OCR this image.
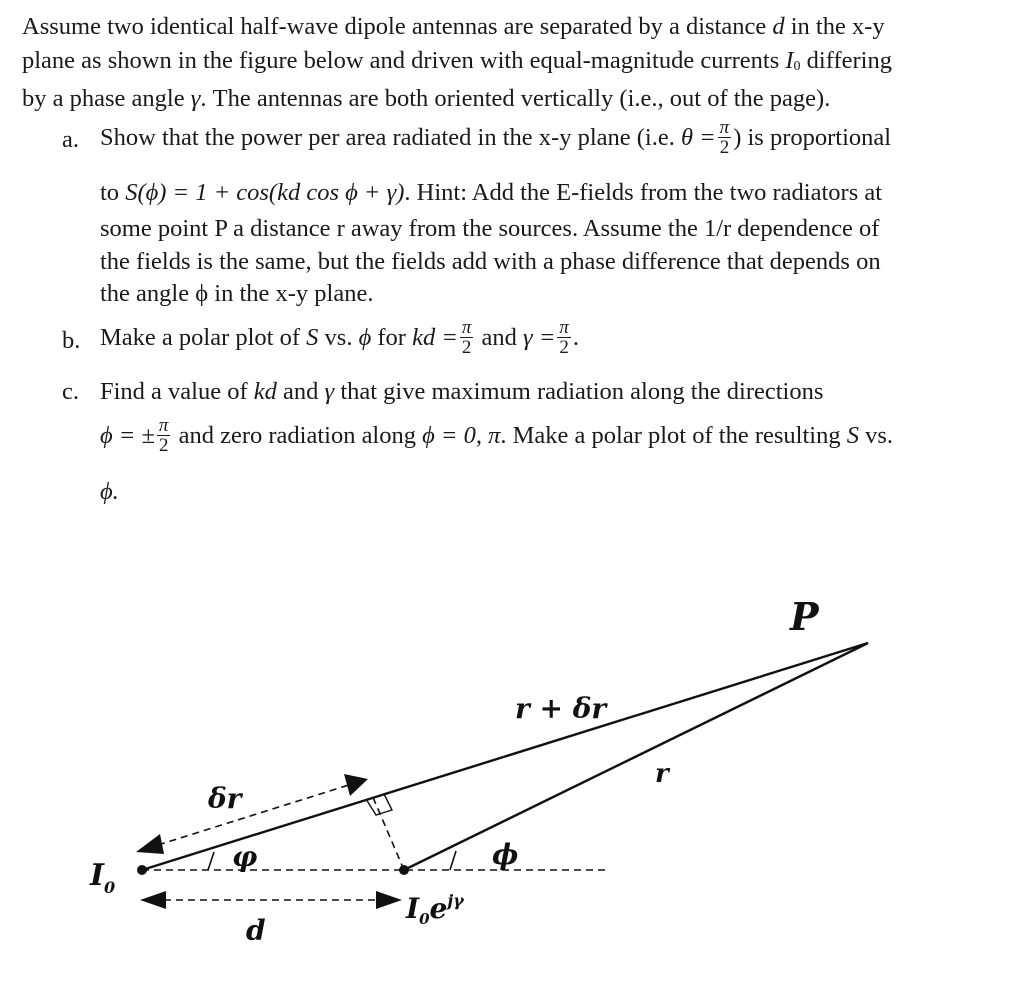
Assume two identical half-wave dipole antennas are separated by a distance d in the x-y
plane as shown in the figure below and driven with equal-magnitude currents $I_0$ differing
by a phase angle γ. The antennas are both oriented vertically (i.e., out of the page).
a. Show that the power per area radiated in the x-y plane (i.e. $\theta = \frac{\pi}{2}$ ) is proportional
to S(ϕ) = 1 + cos(kd cos ϕ + γ). Hint: Add the E-fields from the two radiators at
some point P a distance r away from the sources. Assume the 1/r dependence of
the fields is the same, but the fields add with a phase difference that depends on
the angle ϕ in the x-y plane.
b. Make a polar plot of S vs. ϕ for kd = $\frac{\pi}{2}$ and $\gamma = \frac{\pi}{2}$ .
c. Find a value of kd and γ that give maximum radiation along the directions
ϕ = ± $\frac{\pi}{2}$ and zero radiation along ϕ = 0, π. Make a polar plot of the resulting S vs.
ϕ.
P
r + δr
r
δr
φ	ϕ
$I_0$
d
$I_0e^{j\gamma}$
